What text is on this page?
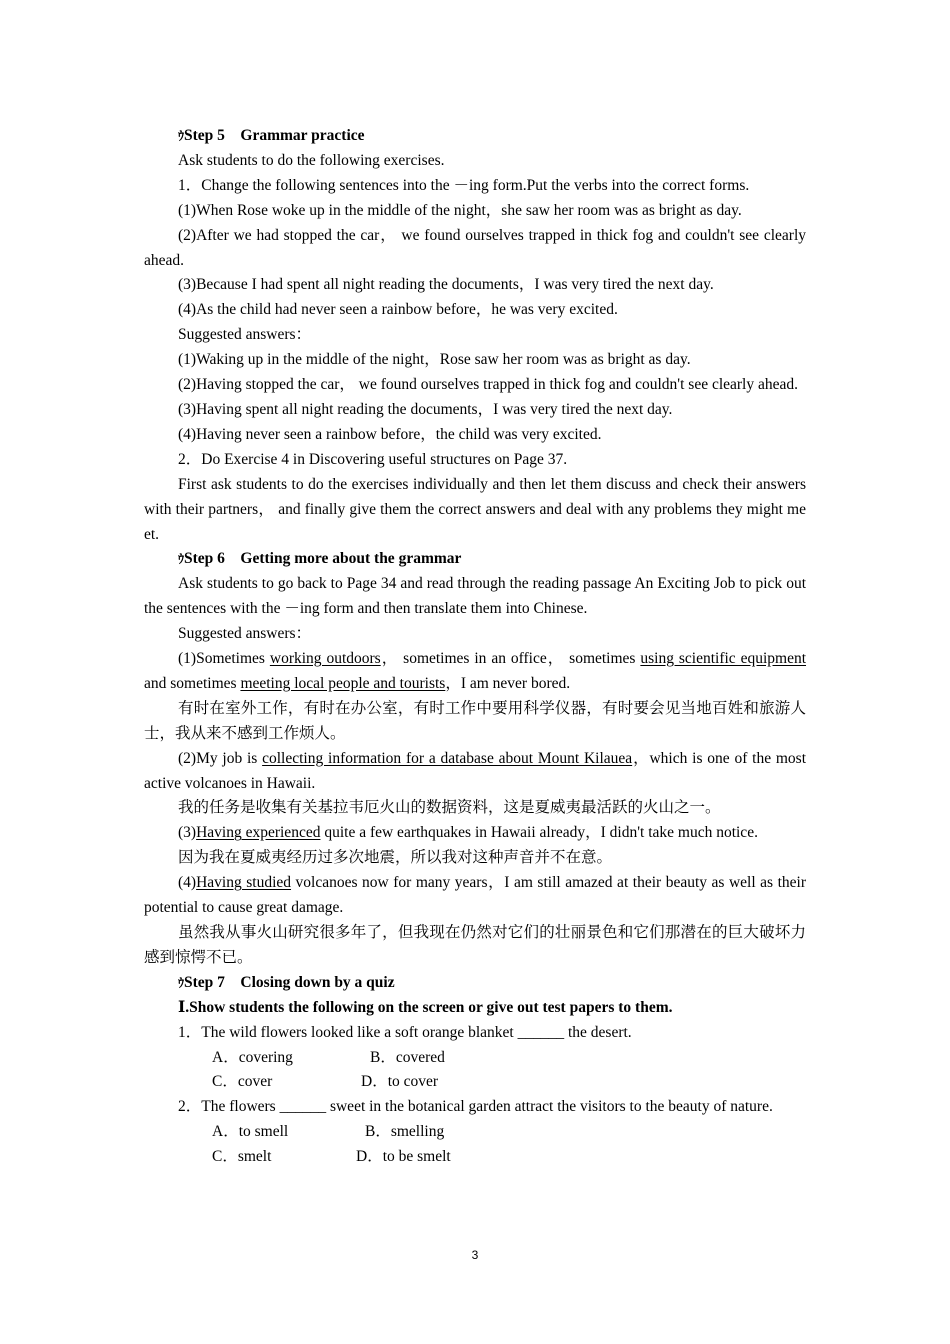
ｳStep 5　Grammar practice

Ask students to do the following exercises.

1．Change the following sentences into the －ing form.Put the verbs into the correct forms.

(1)When Rose woke up in the middle of the night，she saw her room was as bright as day.

(2)After we had stopped the car， we found ourselves trapped in thick fog and couldn't see clearly ahead.

(3)Because I had spent all night reading the documents，I was very tired the next day.

(4)As the child had never seen a rainbow before，he was very excited.

Suggested answers：

(1)Waking up in the middle of the night，Rose saw her room was as bright as day.

(2)Having stopped the car， we found ourselves trapped in thick fog and couldn't see clearly ahead.

(3)Having spent all night reading the documents，I was very tired the next day.

(4)Having never seen a rainbow before，the child was very excited.

2．Do Exercise 4 in Discovering useful structures on Page 37.

First ask students to do the exercises individually and then let them discuss and check their answers with their partners， and finally give them the correct answers and deal with any problems they might meet.

ｳStep 6　Getting more about the grammar

Ask students to go back to Page 34 and read through the reading passage An Exciting Job to pick out the sentences with the －ing form and then translate them into Chinese.

Suggested answers：

(1)Sometimes working outdoors， sometimes in an office， sometimes using scientific equipment and sometimes meeting local people and tourists，I am never bored.

有时在室外工作，有时在办公室，有时工作中要用科学仪器，有时要会见当地百姓和旅游人士，我从来不感到工作烦人。

(2)My job is collecting information for a database about Mount Kilauea，which is one of the most active volcanoes in Hawaii.

我的任务是收集有关基拉韦厄火山的数据资料，这是夏威夷最活跃的火山之一。

(3)Having experienced quite a few earthquakes in Hawaii already，I didn't take much notice.

因为我在夏威夷经历过多次地震，所以我对这种声音并不在意。

(4)Having studied volcanoes now for many years，I am still amazed at their beauty as well as their potential to cause great damage.

虽然我从事火山研究很多年了，但我现在仍然对它们的壮丽景色和它们那潜在的巨大破坏力感到惊愕不已。

ｳStep 7　Closing down by a quiz

Ⅰ.Show students the following on the screen or give out test papers to them.

1．The wild flowers looked like a soft orange blanket ______ the desert.

A．covering	B．covered

C．cover	D．to cover

2．The flowers ______ sweet in the botanical garden attract the visitors to the beauty of nature.

A．to smell	B．smelling

C．smelt	D．to be smelt

3
